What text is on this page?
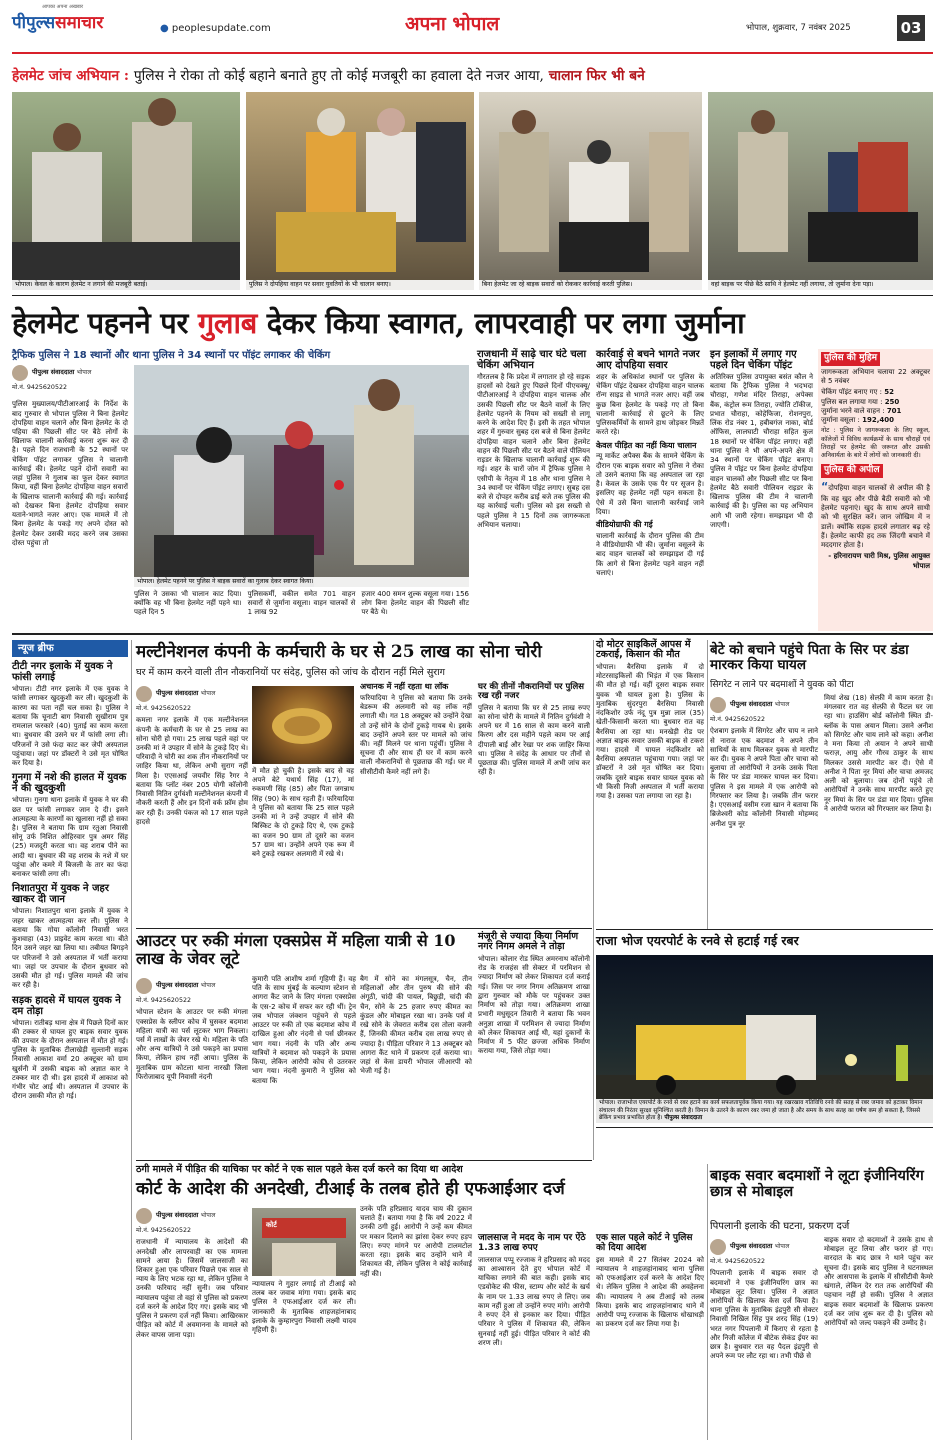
पीपुल्ससमाचार
आपका अपना अखबार
● peoplesupdate.com	अपना भोपाल	भोपाल, शुक्रवार, 7 नवंबर 2025	03
हेलमेट जांच अभियान : पुलिस ने रोका तो कोई बहाने बनाते हुए तो कोई मजबूरी का हवाला देते नजर आया, चालान फिर भी बने
भोपाल। केवल के कारण हेलमेट न लगाने की मजबूरी बताई।	पुलिस ने दोपहिया वाहन पर सवार युवतियों के भी चालान बनाए।	बिना हेलमेट जा रहे बाइक सवारों को रोककर कार्रवाई करती पुलिस।	वहां बाइक पर पीछे बैठे साथि ने हेलमेट नहीं लगाया, तो जुर्माना देना पड़ा।
हेलमेट पहनने पर गुलाब देकर किया स्वागत, लापरवाही पर लगा जुर्माना
ट्रैफिक पुलिस ने 18 स्थानों और थाना पुलिस ने 34 स्थानों पर पॉइंट लगाकर की चेकिंग
पीपुल्स संवाददाता भोपाल
मो.नं. 9425620522

पुलिस मुख्यालय/पीटीआरआई के निर्देश के बाद गुरुवार से भोपाल पुलिस ने बिना हेलमेट दोपहिया वाहन चलाने और बिना हेलमेट के दो पहिया की पिछली सीट पर बैठे लोगों के खिलाफ चालानी कार्रवाई करना शुरू कर दी है। पहले दिन राजधानी के 52 स्थानों पर चेकिंग पॉइंट लगाकर पुलिस ने चालानी कार्रवाई की। हेलमेट पहने दोनों सवारी का जहां पुलिस ने गुलाब का फूल देकर स्वागत किया, वहीं बिना हेलमेट दोपहिया वाहन सवारों के खिलाफ चालानी कार्रवाई की गई। कार्रवाई को देखकर बिना हेलमेट दोपहिया सवार यताने-भागते नजर आए। एक मामले में तो बिना हेलमेट के पकड़े गए अपने दोस्त को हेलमेट देकर उसकी मदद करने जब उसका दोस्त पहुंचा तो

भोपाल। हेलमेट पहनने पर पुलिस ने बाइक सवारों का गुलाब देकर स्वागत किया।

पुलिस ने उसका भी चालान काट दिया। क्योंकि वह भी बिना हेलमेट नहीं पहने था। पहले दिन 5

पुलिसकर्मी, वकील समेत 701 वाहन सवारों से जुर्माना वसूला। वाहन चालकों से 1 लाख 92

हजार 400 समन शुल्क वसूला गया। 156 लोग बिना हेलमेट वाहन की पिछली सीट पर बैठे थे।

राजधानी में साढ़े चार घंटे चला चेकिंग अभियान

गौरतलब है कि प्रदेश में लगातार हो रहे सड़क हादसों को देखते हुए पिछले दिनों पीएचक्यू/पीटीआरआई ने दोपहिया वाहन चालक और उसकी पिछली सीट पर बैठने वालों के लिए हेलमेट पहनने के नियम को सख्ती से लागू करने के आदेश दिए हैं। इसी के तहत भोपाल शहर में गुरुवार सुबह दस बजे से बिना हेलमेट दोपहिया वाहन चलाने और बिना हेलमेट वाहन की पिछली सीट पर बैठने वाले पीलियन राइडर के खिलाफ चालानी कार्रवाई शुरू की गई। शहर के चारों जोन में ट्रैफिक पुलिस ने एसीपी के नेतृत्व में 18 और थाना पुलिस ने 34 स्थानों पर चेकिंग पॉइंट लगाए। सुबह दस बजे से दोपहर करीब ढाई बजे तक पुलिस की यह कार्रवाई चली। पुलिस को इस सख्ती से पहले पुलिस ने 15 दिनों तक जागरूकता अभियान चलाया।

कार्रवाई से बचने भागते नजर आए दोपहिया सवार

शहर के अधिकांश स्थानों पर पुलिस के चेकिंग पॉइंट देखकर दोपहिया वाहन चालक रॉन्ग साइड से भागते नजर आए। वहीं जब कुछ बिना हेलमेट के पकड़े गए तो बिना चालानी कार्रवाई से छूटने के लिए पुलिसकर्मियों के सामने हाथ जोड़कर मिन्नतें करते रहे।

केवल पीड़ित का नहीं किया चालान

न्यू मार्केट अपैक्स बैंक के सामने चेकिंग के दौरान एक बाइक सवार को पुलिस ने रोका तो उसने बताया कि वह अस्पताल जा रहा है। केवल के उसके एक पैर पर सूजन है। इसलिए वह हेलमेट नहीं पहन सकता है। ऐसे में उसे बिना चालानी कार्रवाई जाने दिया।

वीडियोग्राफी की गई

चालानी कार्रवाई के दौरान पुलिस की टीम ने वीडियोग्राफी भी की। जुर्माना वसूलने के बाद वाहन चालकों को समझाइश दी गई कि आगे से बिना हेलमेट पहने वाहन नहीं चलाएं।

इन इलाकों में लगाए गए पहले दिन चेकिंग पॉइंट

अतिरिक्त पुलिस उपायुक्त बसंत कौल ने बताया कि ट्रैफिक पुलिस ने भदभदा चौराहा, गणेश मंदिर तिराहा, अपेक्स बैंक, कंट्रोल रूम तिराहा, ज्योति टॉकीज, प्रभात चौराहा, कोहेफिजा, रोशनपुरा, लिंक रोड नंबर 1, हबीबगंज नाका, बोर्ड ऑफिस, लालघाटी चौराहा सहित कुल 18 स्थानों पर चेकिंग पॉइंट लगाए। वहीं थाना पुलिस ने भी अपने-अपने क्षेत्र में 34 स्थानों पर चेकिंग पॉइंट बनाए। पुलिस ने पॉइंट पर बिना हेलमेट दोपहिया वाहन चालकों और पिछली सीट पर बिना हेलमेट बैठे सवारी पीलियन राइडर के खिलाफ पुलिस की टीम ने चालानी कार्रवाई की है। पुलिस का यह अभियान आगे भी जारी रहेगा। समझाइश भी दी जाएगी।

पुलिस की मुहिम

जागरूकता अभियान चलाया 22 अक्टूबर से 5 नवंबर

चेकिंग पॉइंट बनाए गए : 52
पुलिस बल लगाया गया : 250
जुर्माना भरने वाले वाहन : 701
जुर्माना वसूला : 192,400

नोट : पुलिस ने जागरूकता के लिए स्कूल, कॉलेजों में विविध कार्यक्रमों के साथ चौराहों एवं तिराहों पर हेलमेट की जरूरत और उसकी अनिवार्यता के बारे में लोगों को जानकारी दी।

पुलिस की अपील

“दोपहिया वाहन चालकों से अपील की है कि वह खुद और पीछे बैठी सवारी को भी हेलमेट पहनाएं। खुद के साथ अपने साथी को भी सुरक्षित करें। जान जोखिम में न डालें। क्योंकि सड़क हादसे लगातार बढ़ रहे हैं। हेलमेट काफी हद तक जिंदगी बचाने में मददगार होता है।

- हरिनारायण चारी मिश्र, पुलिस आयुक्त भोपाल

न्यूज ब्रीफ
टीटी नगर इलाके में युवक ने फांसी लगाई

भोपाल। टीटी नगर इलाके में एक युवक ने फांसी लगाकर खुदकुशी कर ली। खुदकुशी के कारण का पता नहीं चल सका है। पुलिस ने बताया कि चूनाटी बाग निवासी सुखीराम पुत्र रामलाल फरकारे (40) पुताई का काम करता था। बुधवार की उसने घर में फांसी लगा ली। परिजनों ने उसे फंदा काट कर जेपी अस्पताल पहुंचाया। जहां पर डॉक्टरों ने उसे मृत घोषित कर दिया है।

गुनगा में नशे की हालत में युवक ने की खुदकुशी

भोपाल। गुनगा थाना इलाके में युवक ने घर की छत पर फांसी लगाकर जान दे दी। इसने आत्महत्या के कारणों का खुलासा नहीं हो सका है। पुलिस ने बताया कि ग्राम रतुआ निवासी सोनू उर्फ निशित ओहिरवार पुत्र अमर सिंह (25) मजदूरी करता था। वह शराब पीने का आदी था। बुधवार की वह शराब के नशे में घर पहुंचा और कमरे में बिजली के तार का फंदा बनाकर फांसी लगा ली।

निशातपुरा में युवक ने जहर खाकर दी जान

भोपाल। निशातपुरा थाना इलाके में युवक ने जहर खाकर आत्महत्या कर ली। पुलिस ने बताया कि गोया कॉलोनी निवासी भरत कुशवाहा (43) प्राइवेट काम करता था। बीते दिन उसने जहर खा लिया था। तबीयत बिगड़ने पर परिजनों ने उसे अस्पताल में भर्ती कराया था। जहां पर उपचार के दौरान बुधवार को उसकी मौत हो गई। पुलिस मामले की जांच कर रही है।

सड़क हादसे में घायल युवक ने दम तोड़ा

भोपाल। रातीबड़ थाना क्षेत्र में पिछले दिनों कार की टक्कर से घायल हुए बाइक सवार युवक की उपचार के दौरान अस्पताल में मौत हो गई। पुलिस के मुताबिक टीलाखेड़ी सुल्तानी सड़क निवासी आकाश वर्मा 20 अक्टूबर को ग्राम खुर्सनी में उसकी बाइक को अज्ञात कार ने टक्कर मार दी थी। इस हादसे में आकाश को गंभीर चोट आई थी। अस्पताल में उपचार के दौरान उसकी मौत हो गई।

मल्टीनेशनल कंपनी के कर्मचारी के घर से 25 लाख का सोना चोरी
घर में काम करने वाली तीन नौकरानियों पर संदेह, पुलिस को जांच के दौरान नहीं मिले सुराग
पीपुल्स संवाददाता भोपाल
मो.नं. 9425620522

कमला नगर इलाके में एक मल्टीनेशनल कंपनी के कर्मचारी के घर से 25 लाख का सोना चोरी हो गया। 25 लाख पहले वहां पर उनकी मां ने उपहार में सोने के टुकड़े दिए थे। परिवादी ने चोरी का शक तीन नौकरानियों पर जाहिर किया था, लेकिन अभी सुराग नहीं मिला है। एएसआई जयवीर सिंह रैगर ने बताया कि प्लॉट नंबर 205 योगी कॉलोनी निवासी नितिन दुर्गवंशी मल्टीनेशनल कंपनी में नौकरी करती हैं और इन दिनों वर्क फ्रॉम होम कर रही हैं। उनकी पंकज को 17 साल पहले हादसे

में मौत हो चुकी है। इसके बाद से वह अपने बेटे यथार्थ सिंह (17), मां रुकमणी सिंह (85) और पिता जगन्नाथ सिंह (90) के साथ रहती हैं। फरियादिया ने पुलिस को बताया कि 25 साल पहले उनकी मां ने उन्हें उपहार में सोने की बिस्किट के दो टुकड़े दिए थे, एक टुकड़े का वजन 90 ग्राम तो दूसरे का वजन 57 ग्राम था। उन्होंने अपने एक रूम में बने टुकड़े रखकर अलमारी में रखे थे।

अचानक में नहीं रहता था लॉक

फरियादिया ने पुलिस को बताया कि उनके बेडरूम की अलमारी को वह लॉक नहीं लगाती थी। गत 18 अक्टूबर को उन्होंने देखा तो उन्हें सोने के दोनों टुकड़े गायब थे। इसके बाद उन्होंने अपने स्तर पर मामले को जांच की। नहीं मिलने पर थाना पहुंचीं। पुलिस ने सूचना दी और साथ ही घर में काम करने वाली नौकरानियों से पूछताछ की गई। घर में सीसीटीवी कैमरे नहीं लगे हैं।

घर की तीनों नौकरानियों पर पुलिस रख रही नजर

पुलिस ने बताया कि घर से 25 लाख रुपए का सोना चोरी के मामले में नितिन दुर्गवंशी ने अपने घर में 16 साल से काम करने वाली किरण और दस महीने पहले काम पर आई दीपाली बाई और रेखा पर शक जाहिर किया था। पुलिस ने संदेह के आधार पर तीनों से पूछताछ की। पुलिस मामले में अभी जांच कर रही है।

दो मोटर साइकिलें आपस में टकराईं, किसान की मौत

भोपाल। बैरसिया इलाके में दो मोटरसाइकिलों की भिड़ंत में एक किसान की मौत हो गई। वहीं दूसरा बाइक सवार युवक भी घायल हुआ है। पुलिस के मुताबिक सुंदरपुरा बैरसिया निवासी नंदकिशोर उर्फ नंदू पुत्र मुन्ना लाल (35) खेती-किसानी करता था। बुधवार रात वह बैरसिया आ रहा था। मनखेड़ी रोड पर अज्ञात बाइक सवार उसकी बाइक से टकरा गया। हादसे में घायल नंदकिशोर को बैरसिया अस्पताल पहुंचाया गया। जहां पर डॉक्टरों ने उसे मृत घोषित कर दिया। जबकि दूसरे बाइक सवार घायल युवक को भी किसी निजी अस्पताल में भर्ती कराया गया है। उसका पता लगाया जा रहा है।

बेटे को बचाने पहुंचे पिता के सिर पर डंडा मारकर किया घायल
सिगरेट न लाने पर बदमाशों ने युवक को पीटा
पीपुल्स संवाददाता भोपाल
मो.नं. 9425620522

ऐशबाग इलाके में सिगरेट और चाय न लाने से नाराज एक बदमाश ने अपने तीन साथियों के साथ मिलकर युवक से मारपीट कर दी। युवक ने अपने पिता और चाचा को बुलाया तो आरोपियों ने उनके उसके पिता के सिर पर डंडा मारकर घायल कर दिया। पुलिस ने इस मामले में एक आरोपी को गिरफ्तार कर लिया है। जबकि तीन फरार है। एएसआई वसीम रजा खान ने बताया कि ब्रिजेश्वरी कोड कॉलोनी निवासी मोहम्मद अनीश पुत्र नूर

मियां शेख (18) सेल्फ़ी में काम करता है। मंगलवार रात वह सेल्फ़ी से फैंटल घर जा रहा था। हाउसिंग बोर्ड कॉलोनी स्थित डी-ब्लॉक के पास अयान मिला। उसने अनीश को सिगरेट और चाय लाने को कहा। अनीश ने मना किया तो अयान ने अपने साथी फराज़, आयु और गौरव ठाकुर के साथ मिलकर उससे मारपीट कर दी। ऐसे में अनीश ने पिता नूर मियां और चाचा अमजद अली को बुलाया। जब दोनों पहुंचे तो आरोपियों ने उनके साथ मारपीट करते हुए नूर मियां के सिर पर डंडा मार दिया। पुलिस ने आरोपी फराज को गिरफ्तार कर लिया है।

आउटर पर रुकी मंगला एक्सप्रेस में महिला यात्री से 10 लाख के जेवर लूटे
पीपुल्स संवाददाता भोपाल
मो.नं. 9425620522

भोपाल स्टेशन के आउटर पर रुकी मंगला एक्सप्रेस के स्लीपर कोच में घुसकर बदमाश महिला यात्री का पर्स लूटकर भाग निकला। पर्स में लाखों के जेवर रखे थे। महिला के पति और अन्य यात्रियों ने उसे पकड़ने का प्रयास किया, लेकिन हाथ नहीं आया। पुलिस के मुताबिक ग्राम कोटला थाना नारखी जिला फिरोजाबाद यूपी निवासी नंदनी

कुमारी पति आशीष शर्मा गृहिणी हैं। वह पति के साथ मुंबई के कल्याण स्टेशन से आगरा कैंट जाने के लिए मंगला एक्सप्रेस के एस-2 कोच में सफर कर रही थीं। ट्रेन जब भोपाल जंक्शन पहुंचने से पहले आउटर पर रुकी तो एक बदमाश कोच में दाखिल हुआ और नंदनी से पर्स छीनकर भाग गया। नंदनी के पति और अन्य यात्रियों ने बदमाश को पकड़ने के प्रयास किया, लेकिन आरोपी कोच से उतरकर भाग गया। नंदनी कुमारी ने पुलिस को बताया कि

बैग में सोने का मंगलसूत्र, चैन, तीन महिलाओं और तीन पुरुष की सोने की अंगूठी, चांदी की पायल, बिछुड़ी, चांदी की चैन, सोने के 25 हजार रुपए कीमत का कुंडल और मोबाइल रखा था। उनके पर्स में रखे सोने के जेवरात करीब दस तोला वजनी हैं, जिनकी कीमत करीब दस लाख रुपए से ज्यादा है। पीड़िता परिवार ने 13 अक्टूबर को आगरा कैंट थाने में प्रकरण दर्ज कराया था। जहां से केस डायरी भोपाल जीआरपी को भेजी गई है।

मंजूरी से ज्यादा किया निर्माण नगर निगम अमले ने तोड़ा

भोपाल। कोलार रोड स्थित अमरनाथ कॉलोनी रोड के राजहंस सी सेक्टर में परमिशन से ज्यादा निर्माण को लेकर शिकायत दर्ज कराई गई। जिस पर नगर निगम अतिक्रमण शाखा द्वारा गुरुवार को मौके पर पहुंचकर उक्त निर्माण को तोड़ा गया। अतिक्रमण शाखा प्रभारी मधुसूदन तिवारी ने बताया कि भवन अनुज्ञा शाखा में परमिशन से ज्यादा निर्माण को लेकर शिकायत आई थी, यहां दुकानों के निर्माण में 5 फीट छज्जा अधिक निर्माण कराया गया, जिसे तोड़ा गया।

राजा भोज एयरपोर्ट के रनवे से हटाई गई रबर
भोपाल। राजाभोज एयरपोर्ट के रनवे से रबर हटाने का कार्य सफलतापूर्वक किया गया। यह रखरखाव गतिविधि रनवे की सतह से रबर जमाव को हटाकर विमान संचालन की निरंतर सुरक्षा सुनिश्चित करती है। विमान के उतरने के कारण रबर जमा हो जाता है और समय के साथ सतह का घर्षण कम हो सकता है, जिससे ब्रेकिंग प्रभाव प्रभावित होता है। पीपुल्स संवाददाता
ठगी मामले में पीड़ित की याचिका पर कोर्ट ने एक साल पहले केस दर्ज करने का दिया था आदेश
कोर्ट के आदेश की अनदेखी, टीआई के तलब होते ही एफआईआर दर्ज
पीपुल्स संवाददाता भोपाल
मो.नं. 9425620522

राजधानी में न्यायालय के आदेशों की अनदेखी और लापरवाही का एक मामला सामने आया है। जिसमें जालसाजी का शिकार हुआ एक परिवार पिछले एक साल से न्याय के लिए भटक रहा था, लेकिन पुलिस ने उनकी फरियाद नहीं सुनी। जब परिवार न्यायालय पहुंचा तो वहां से पुलिस को प्रकरण दर्ज करने के आदेश दिए गए। इसके बाद भी पुलिस ने प्रकरण दर्ज नहीं किया। आखिरकार पीड़ित को कोर्ट में अवमानना के मामले को लेकर वापस जाना पड़ा।

कोर्ट

न्यायालय ने गुहार लगाई तो टीआई को तलब कर जवाब मांगा गया। इसके बाद पुलिस ने एफआईआर दर्ज कर ली। जानकारी के मुताबिक शाहजहांनाबाद इलाके के कुम्हारपुरा निवासी लक्ष्मी यादव गृहिणी हैं।

उनके पति हरिप्रसाद यादव चाय की दुकान चलाते हैं। बताया गया है कि वर्ष 2022 में उनकी ठगी हुई। आरोपी ने उन्हें कम कीमत पर मकान दिलाने का झांसा देकर रुपए हड़प लिए। रुपए मांगने पर आरोपी टालमटोल करता रहा। इसके बाद उन्होंने थाने में शिकायत की, लेकिन पुलिस ने कोई कार्रवाई नहीं की।

जालसाज ने मदद के नाम पर ऐंठे 1.33 लाख रुपए

जालसाज पप्पू रज्जाक ने हरिप्रसाद को मदद का आश्वासन देते हुए भोपाल कोर्ट में याचिका लगाने की बात कही। इसके बाद एडवोकेट की फीस, स्टाम्प और कोर्ट के खर्च के नाम पर 1.33 लाख रुपए ले लिए। जब काम नहीं हुआ तो उन्होंने रुपए मांगे। आरोपी ने रुपए देने से इनकार कर दिया। पीड़ित परिवार ने पुलिस में शिकायत की, लेकिन सुनवाई नहीं हुई। पीड़ित परिवार ने कोर्ट की शरण ली।

एक साल पहले कोर्ट ने पुलिस को दिया आदेश

इस मामले में 27 सितंबर 2024 को न्यायालय ने शाहजहांनाबाद थाना पुलिस को एफआईआर दर्ज करने के आदेश दिए थे। लेकिन पुलिस ने आदेश की अवहेलना की। न्यायालय ने अब टीआई को तलब किया। इसके बाद शाहजहांनाबाद थाने में आरोपी पप्पू रज्जाक के खिलाफ धोखाधड़ी का प्रकरण दर्ज कर लिया गया है।

बाइक सवार बदमाशों ने लूटा इंजीनियरिंग छात्र से मोबाइल
पिपलानी इलाके की घटना, प्रकरण दर्ज
पीपुल्स संवाददाता भोपाल
मो.नं. 9425620522

पिपलानी इलाके में बाइक सवार दो बदमाशों ने एक इंजीनियरिंग छात्र का मोबाइल लूट लिया। पुलिस ने अज्ञात आरोपियों के खिलाफ केस दर्ज किया है। थाना पुलिस के मुताबिक इंद्रपुरी सी सेक्टर निवासी निखिल सिंह पुत्र शरद सिंह (19) भरत नगर पिपलानी में किराए से रहता है और निजी कॉलेज में बीटेक सेकंड ईयर का छात्र है। बुधवार रात वह पैदल इंद्रपुरी से अपने रूम पर लौट रहा था। तभी पीछे से

बाइक सवार दो बदमाशों ने उसके हाथ से मोबाइल लूट लिया और फरार हो गए। वारदात के बाद छात्र ने थाने पहुंच कर सूचना दी। इसके बाद पुलिस ने घटनास्थल और आसपास के इलाके में सीसीटीवी कैमरे खंगाले, लेकिन देर रात तक आरोपियों की पहचान नहीं हो सकी। पुलिस ने अज्ञात बाइक सवार बदमाशों के खिलाफ प्रकरण दर्ज कर जांच शुरू कर दी है। पुलिस को आरोपियों को जल्द पकड़ने की उम्मीद है।
